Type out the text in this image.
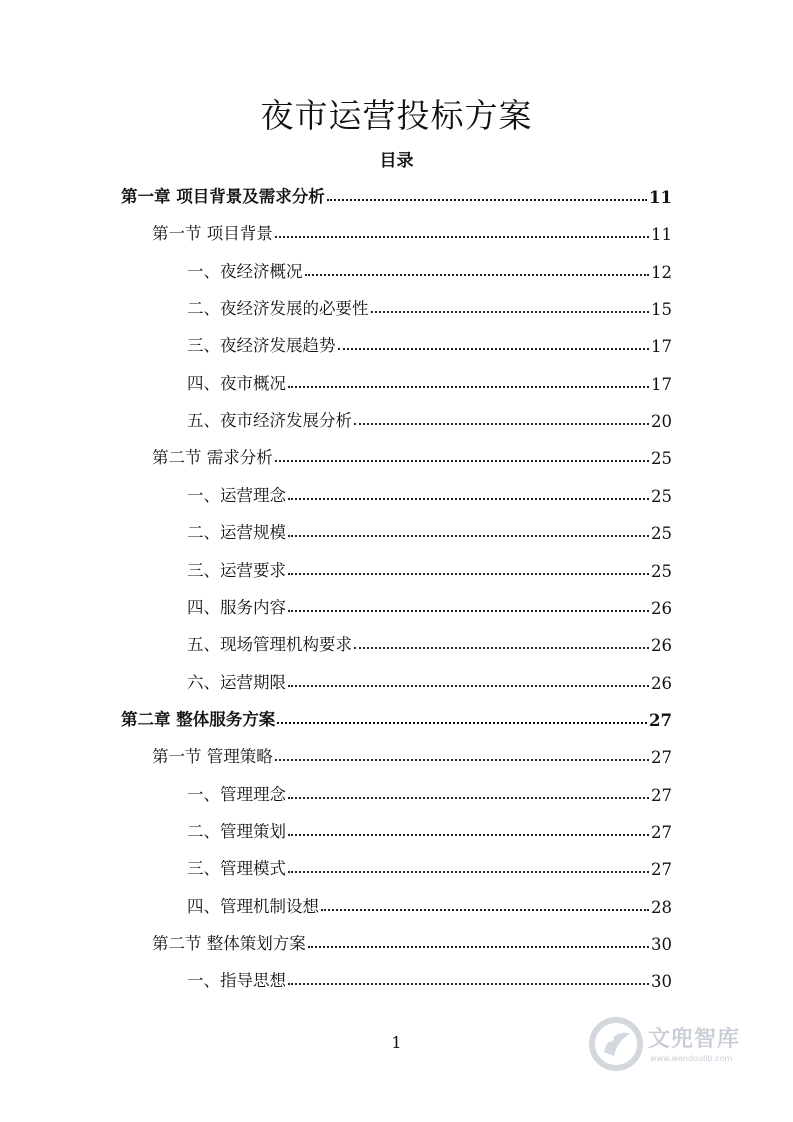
夜市运营投标方案
目录
第一章 项目背景及需求分析	11
第一节 项目背景	11
一、夜经济概况	12
二、夜经济发展的必要性	15
三、夜经济发展趋势	17
四、夜市概况	17
五、夜市经济发展分析	20
第二节 需求分析	25
一、运营理念	25
二、运营规模	25
三、运营要求	25
四、服务内容	26
五、现场管理机构要求	26
六、运营期限	26
第二章 整体服务方案	27
第一节 管理策略	27
一、管理理念	27
二、管理策划	27
三、管理模式	27
四、管理机制设想	28
第二节 整体策划方案	30
一、指导思想	30
1	文兜智库
www.wendoulib.com
